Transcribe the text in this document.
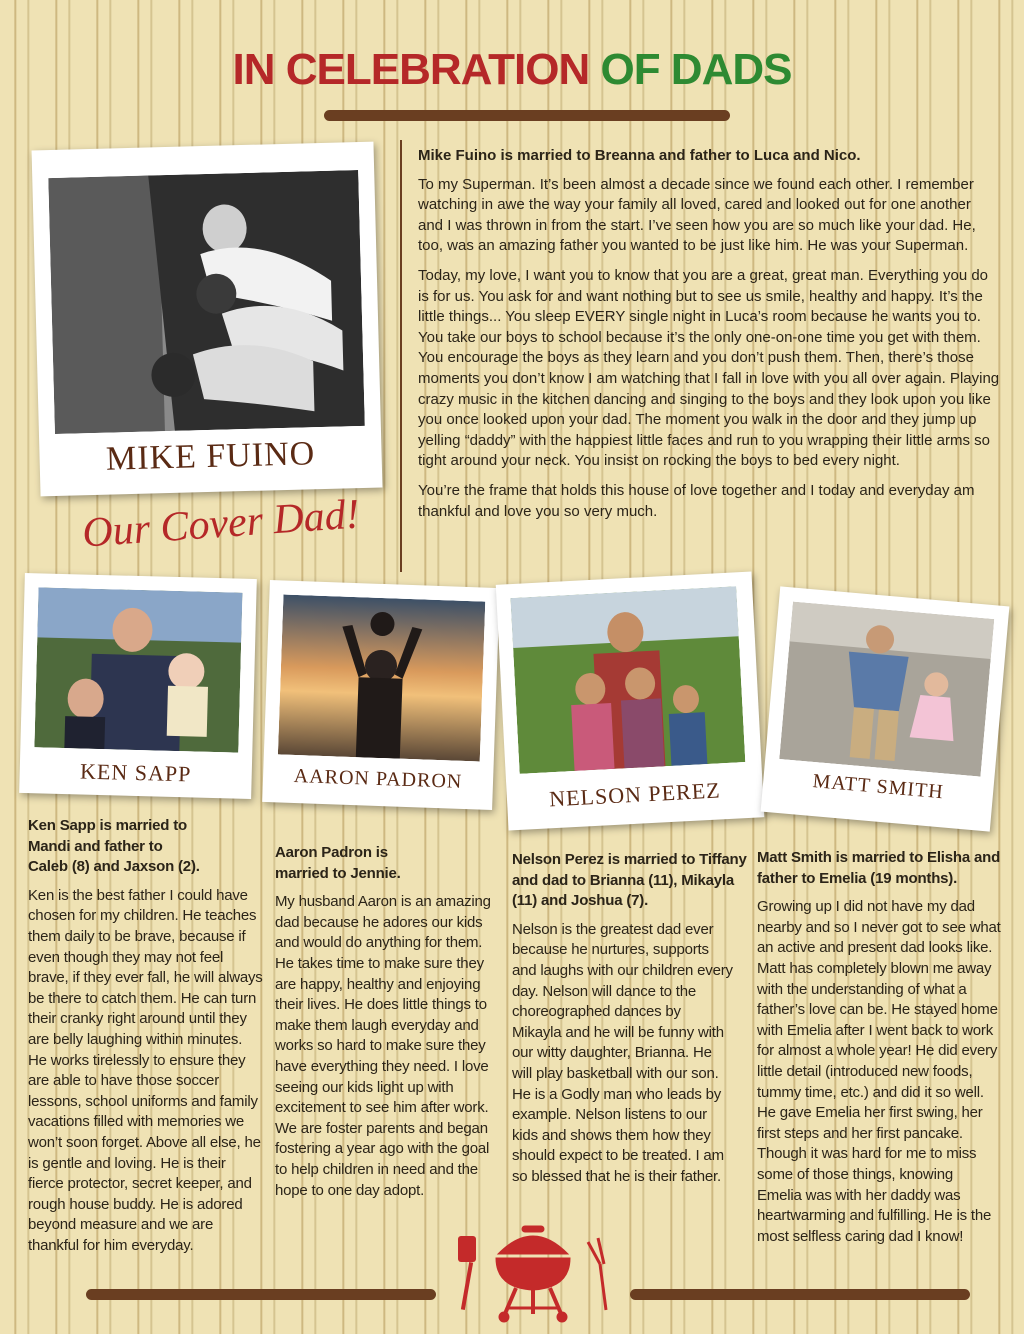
IN CELEBRATION OF DADS
MIKE FUINO
Our Cover Dad!

Mike Fuino is married to Breanna and father to Luca and Nico.

To my Superman. It’s been almost a decade since we found each other. I remember watching in awe the way your family all loved, cared and looked out for one another and I was thrown in from the start. I’ve seen how you are so much like your dad. He, too, was an amazing father you wanted to be just like him. He was your Superman.

Today, my love, I want you to know that you are a great, great man. Everything you do is for us. You ask for and want nothing but to see us smile, healthy and happy. It’s the little things... You sleep EVERY single night in Luca’s room because he wants you to. You take our boys to school because it’s the only one-on-one time you get with them. You encourage the boys as they learn and you don’t push them. Then, there’s those moments you don’t know I am watching that I fall in love with you all over again. Playing crazy music in the kitchen dancing and singing to the boys and they look upon you like you once looked upon your dad. The moment you walk in the door and they jump up yelling “daddy” with the happiest little faces and run to you wrapping their little arms so tight around your neck. You insist on rocking the boys to bed every night.

You’re the frame that holds this house of love together and I today and everyday am thankful and love you so very much.

KEN SAPP	AARON PADRON	NELSON PEREZ	MATT SMITH

Ken Sapp is married to Mandi and father to Caleb (8) and Jaxson (2).

Ken is the best father I could have chosen for my children. He teaches them daily to be brave, because if even though they may not feel brave, if they ever fall, he will always be there to catch them. He can turn their cranky right around until they are belly laughing within minutes. He works tirelessly to ensure they are able to have those soccer lessons, school uniforms and family vacations filled with memories we won’t soon forget. Above all else, he is gentle and loving. He is their fierce protector, secret keeper, and rough house buddy. He is adored beyond measure and we are thankful for him everyday.

Aaron Padron is married to Jennie.

My husband Aaron is an amazing dad because he adores our kids and would do anything for them. He takes time to make sure they are happy, healthy and enjoying their lives. He does little things to make them laugh everyday and works so hard to make sure they have everything they need. I love seeing our kids light up with excitement to see him after work. We are foster parents and began fostering a year ago with the goal to help children in need and the hope to one day adopt.

Nelson Perez is married to Tiffany and dad to Brianna (11), Mikayla (11) and Joshua (7).

Nelson is the greatest dad ever because he nurtures, supports and laughs with our children every day. Nelson will dance to the choreographed dances by Mikayla and he will be funny with our witty daughter, Brianna. He will play basketball with our son. He is a Godly man who leads by example. Nelson listens to our kids and shows them how they should expect to be treated. I am so blessed that he is their father.

Matt Smith is married to Elisha and father to Emelia (19 months).

Growing up I did not have my dad nearby and so I never got to see what an active and present dad looks like. Matt has completely blown me away with the understanding of what a father’s love can be. He stayed home with Emelia after I went back to work for almost a whole year! He did every little detail (introduced new foods, tummy time, etc.) and did it so well. He gave Emelia her first swing, her first steps and her first pancake. Though it was hard for me to miss some of those things, knowing Emelia was with her daddy was heartwarming and fulfilling. He is the most selfless caring dad I know!
